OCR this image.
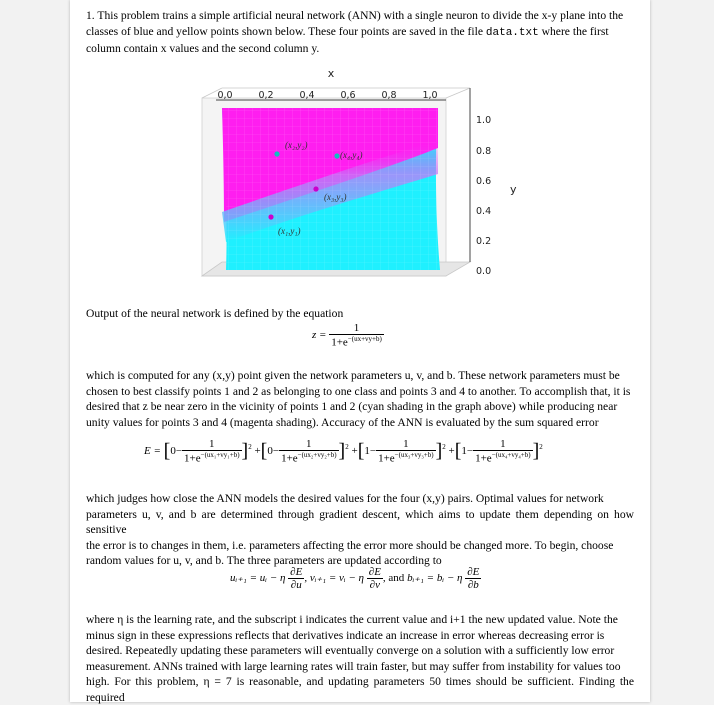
1. This problem trains a simple artificial neural network (ANN) with a single neuron to divide the x-y plane into the
classes of blue and yellow points shown below. These four points are saved in the file data.txt where the first
column contain x values and the second column y.

(x₁,y₁)
(x₂,y₂)
(x₃,y₃)
(x₄,y₄)
x
0,0	0,2	0,4	0,6	0,8	1,0
1.0
0.8
0.6
0.4
0.2
0.0
y

Output of the neural network is defined by the equation

$z = \frac{1}{1+e^{-(ux+vy+b)}}$

which is computed for any (x,y) point given the network parameters u, v, and b. These network parameters must be
chosen to best classify points 1 and 2 as belonging to one class and points 3 and 4 to another. To accomplish that, it is
desired that z be near zero in the vicinity of points 1 and 2 (cyan shading in the graph above) while producing near
unity values for points 3 and 4 (magenta shading). Accuracy of the ANN is evaluated by the sum squared error

$E = [0- \frac{1}{1+e^{-(ux_1+vy_1+b)}} ]^2 +[0- \frac{1}{1+e^{-(ux_2+vy_2+b)}} ]^2 +[1- \frac{1}{1+e^{-(ux_3+vy_3+b)}} ]^2 +[1- \frac{1}{1+e^{-(ux_4+vy_4+b)}} ]^2$

which judges how close the ANN models the desired values for the four (x,y) pairs. Optimal values for network
parameters u, v, and b are determined through gradient descent, which aims to update them depending on how sensitive
the error is to changes in them, i.e. parameters affecting the error more should be changed more. To begin, choose
random values for u, v, and b. The three parameters are updated according to

uᵢ₊₁ = uᵢ − η $\frac{\partial E}{\partial u}$ , vᵢ₊₁ = vᵢ − η $\frac{\partial E}{\partial v}$ , and bᵢ₊₁ = bᵢ − η $\frac{\partial E}{\partial b}$

where η is the learning rate, and the subscript i indicates the current value and i+1 the new updated value. Note the
minus sign in these expressions reflects that derivatives indicate an increase in error whereas decreasing error is
desired. Repeatedly updating these parameters will eventually converge on a solution with a sufficiently low error
measurement. ANNs trained with large learning rates will train faster, but may suffer from instability for values too
high. For this problem, η = 7 is reasonable, and updating parameters 50 times should be sufficient. Finding the required
